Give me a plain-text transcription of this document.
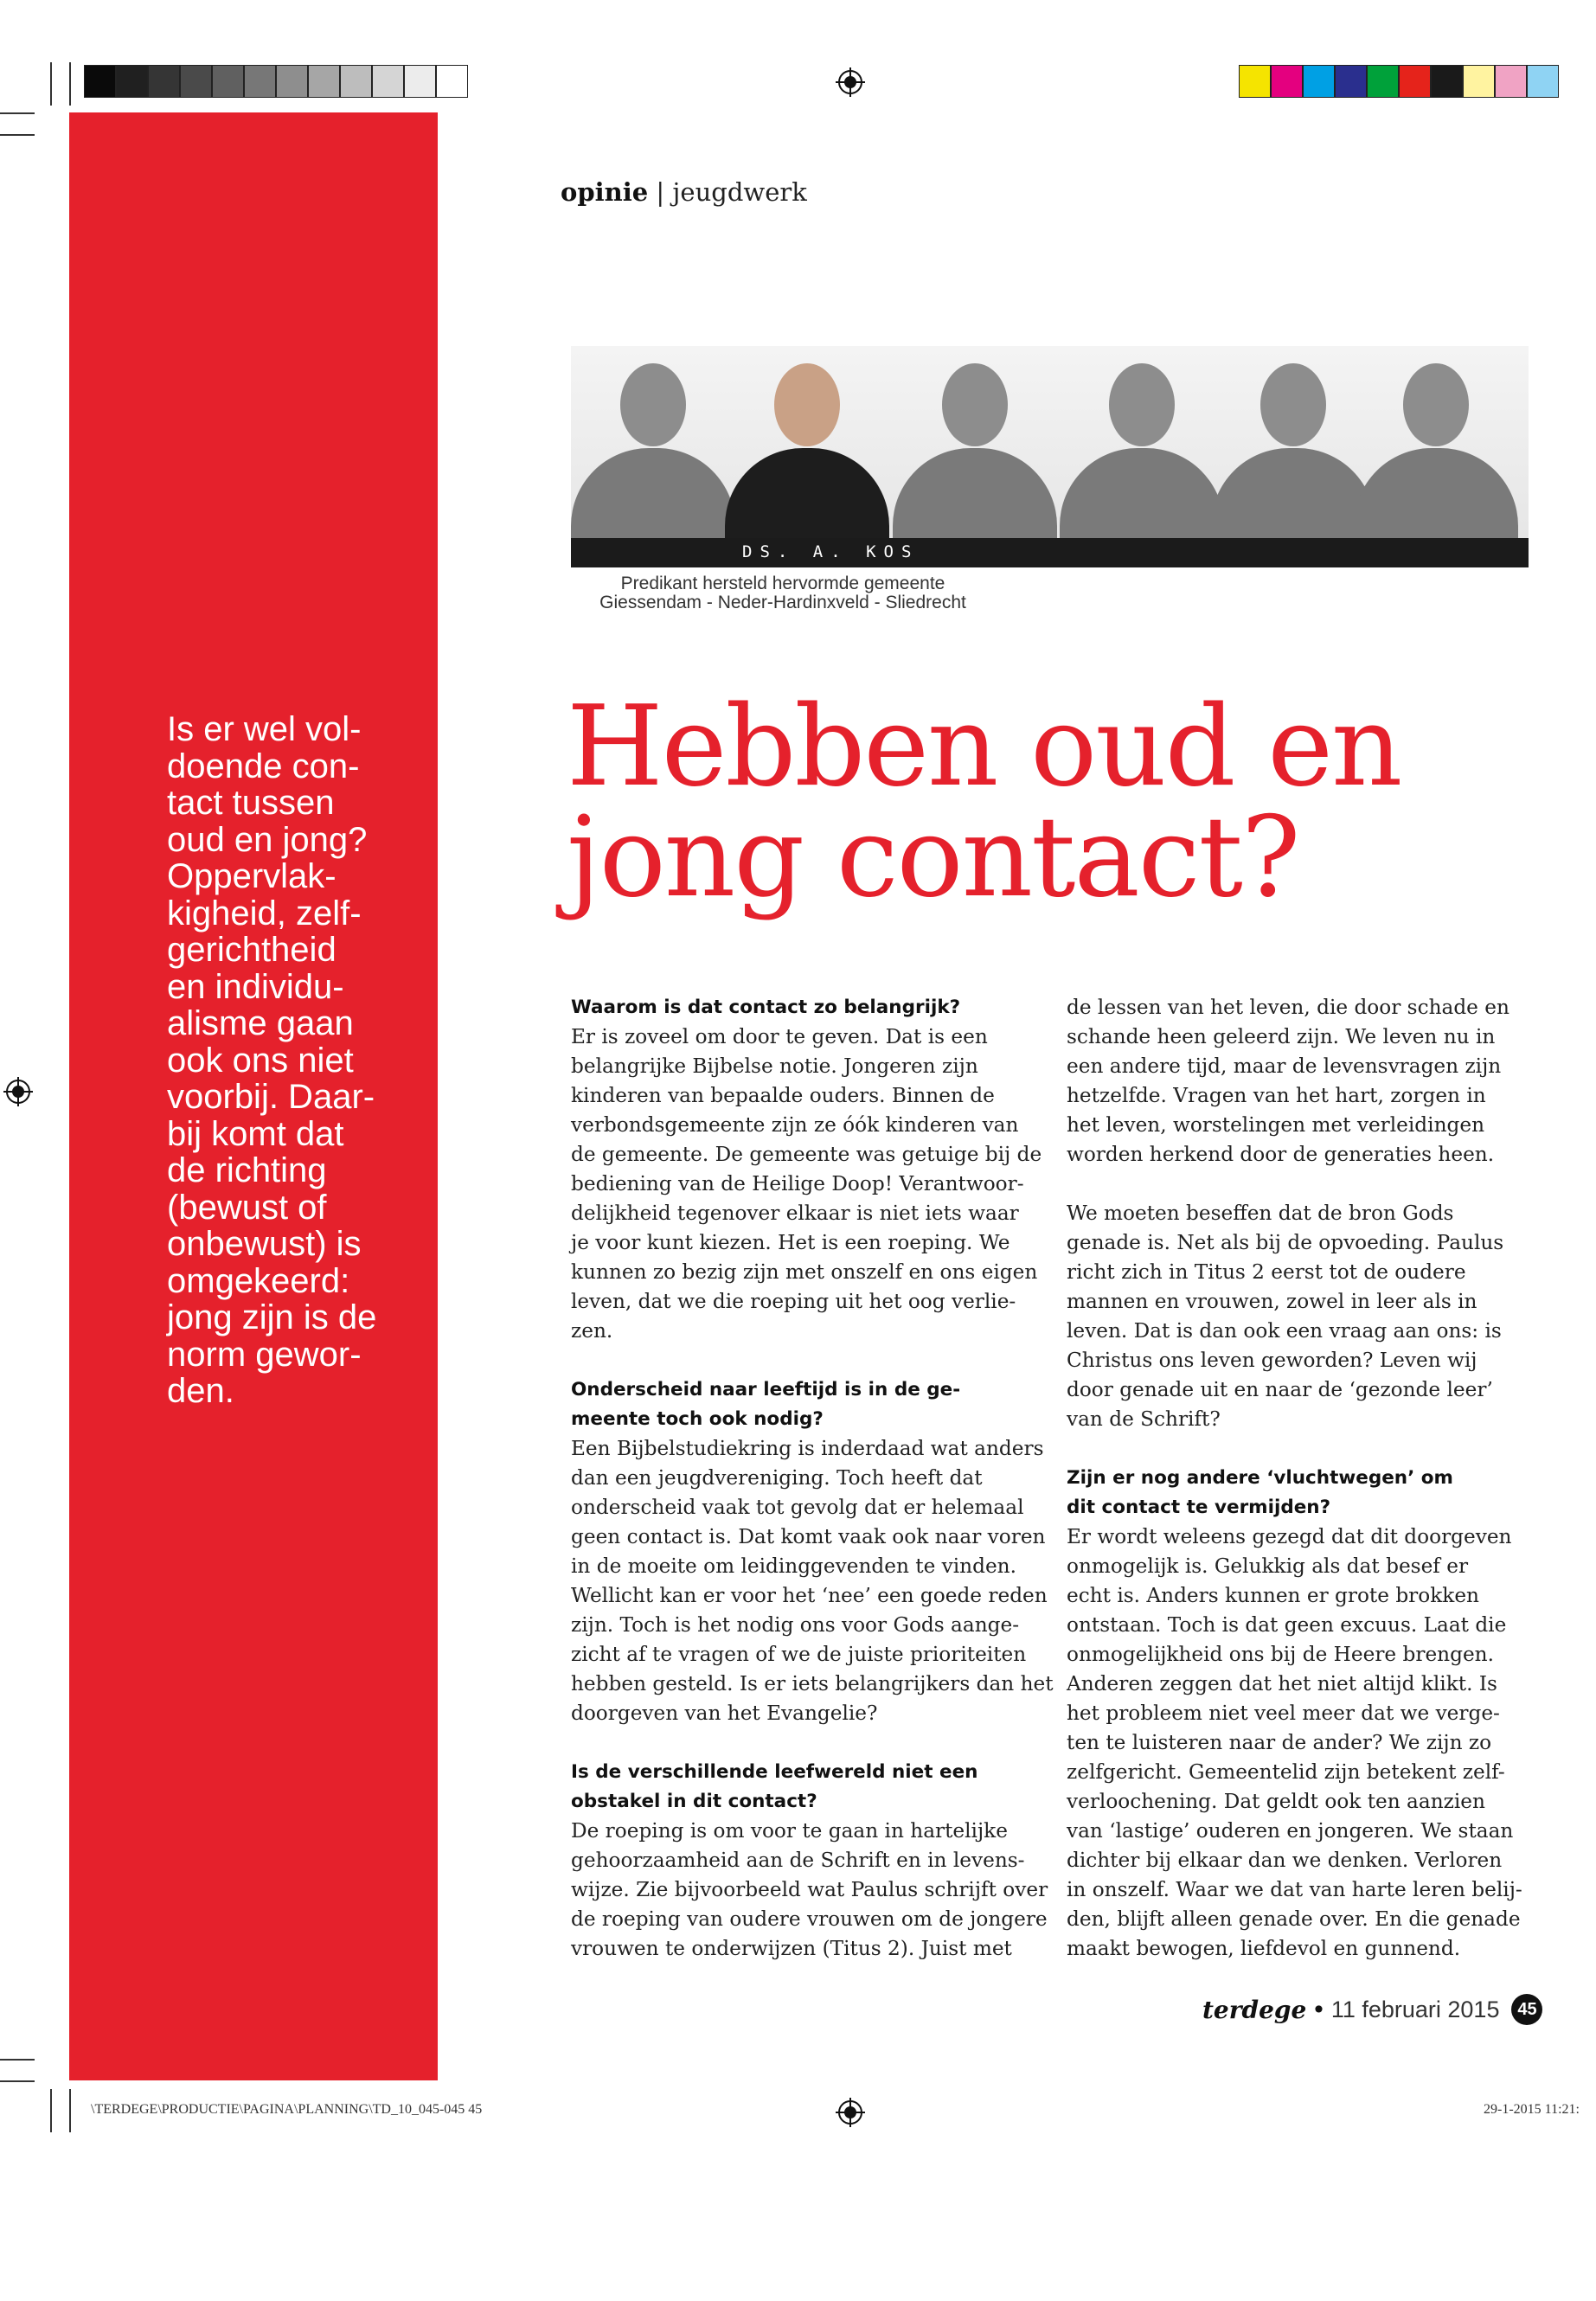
Is er wel vol-
doende con-
tact tussen
oud en jong?
Oppervlak-
kigheid, zelf-
gerichtheid
en individu-
alisme gaan
ook ons niet
voorbij. Daar-
bij komt dat
de richting
(bewust of
onbewust) is
omgekeerd:
jong zijn is de
norm gewor-
den.
opinie | jeugdwerk
DS. A. KOS
Predikant hersteld hervormde gemeente
Giessendam - Neder-Hardinxveld - Sliedrecht
Hebben oud en
jong contact?
Waarom is dat contact zo belangrijk?
Er is zoveel om door te geven. Dat is een
belangrijke Bijbelse notie. Jongeren zijn
kinderen van bepaalde ouders. Binnen de
verbondsgemeente zijn ze óók kinderen van
de gemeente. De gemeente was getuige bij de
bediening van de Heilige Doop! Verantwoor-
delijkheid tegenover elkaar is niet iets waar
je voor kunt kiezen. Het is een roeping. We
kunnen zo bezig zijn met onszelf en ons eigen
leven, dat we die roeping uit het oog verlie-
zen.
Onderscheid naar leeftijd is in de ge-
meente toch ook nodig?
Een Bijbelstudiekring is inderdaad wat anders
dan een jeugdvereniging. Toch heeft dat
onderscheid vaak tot gevolg dat er helemaal
geen contact is. Dat komt vaak ook naar voren
in de moeite om leidinggevenden te vinden.
Wellicht kan er voor het ‘nee’ een goede reden
zijn. Toch is het nodig ons voor Gods aange-
zicht af te vragen of we de juiste prioriteiten
hebben gesteld. Is er iets belangrijkers dan het
doorgeven van het Evangelie?
Is de verschillende leefwereld niet een
obstakel in dit contact?
De roeping is om voor te gaan in hartelijke
gehoorzaamheid aan de Schrift en in levens-
wijze. Zie bijvoorbeeld wat Paulus schrijft over
de roeping van oudere vrouwen om de jongere
vrouwen te onderwijzen (Titus 2). Juist met
de lessen van het leven, die door schade en
schande heen geleerd zijn. We leven nu in
een andere tijd, maar de levensvragen zijn
hetzelfde. Vragen van het hart, zorgen in
het leven, worstelingen met verleidingen
worden herkend door de generaties heen.
We moeten beseffen dat de bron Gods
genade is. Net als bij de opvoeding. Paulus
richt zich in Titus 2 eerst tot de oudere
mannen en vrouwen, zowel in leer als in
leven. Dat is dan ook een vraag aan ons: is
Christus ons leven geworden? Leven wij
door genade uit en naar de ‘gezonde leer’
van de Schrift?
Zijn er nog andere ‘vluchtwegen’ om
dit contact te vermijden?
Er wordt weleens gezegd dat dit doorgeven
onmogelijk is. Gelukkig als dat besef er
echt is. Anders kunnen er grote brokken
ontstaan. Toch is dat geen excuus. Laat die
onmogelijkheid ons bij de Heere brengen.
Anderen zeggen dat het niet altijd klikt. Is
het probleem niet veel meer dat we verge-
ten te luisteren naar de ander? We zijn zo
zelfgericht. Gemeentelid zijn betekent zelf-
verloochening. Dat geldt ook ten aanzien
van ‘lastige’ ouderen en jongeren. We staan
dichter bij elkaar dan we denken. Verloren
in onszelf. Waar we dat van harte leren belij-
den, blijft alleen genade over. En die genade
maakt bewogen, liefdevol en gunnend.
terdege • 11 februari 2015	45
\TERDEGE\PRODUCTIE\PAGINA\PLANNING\TD_10_045-045 45	29-1-2015 11:21:
